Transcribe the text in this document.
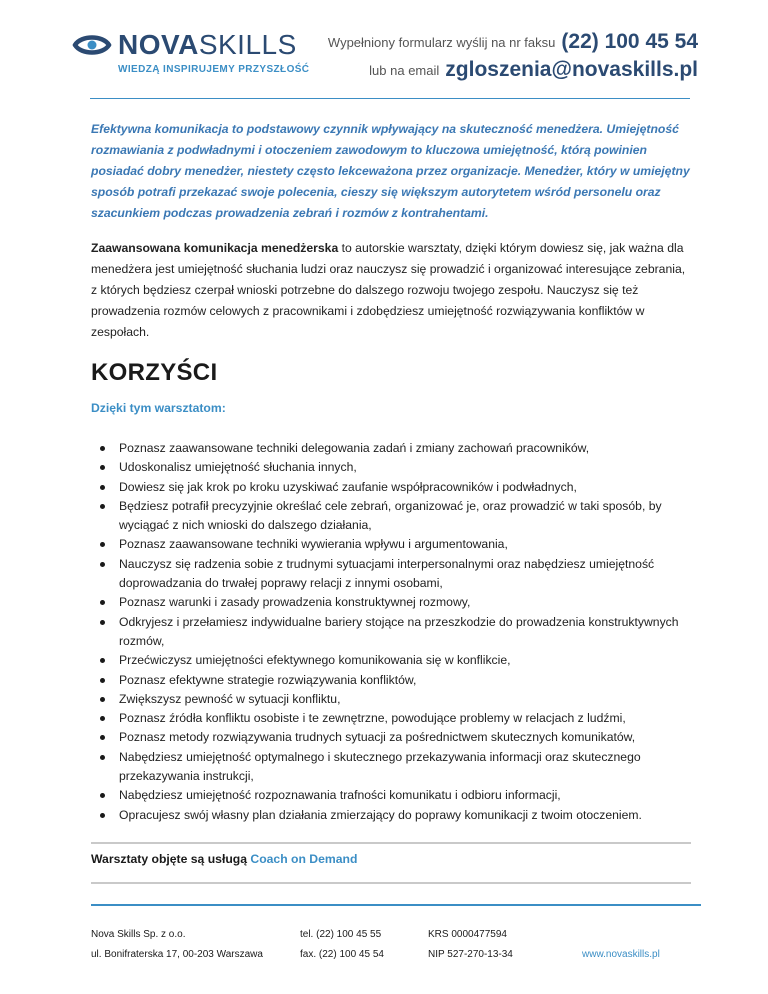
NOVASKILLS
WIEDZĄ INSPIRUJEMY PRZYSZŁOŚĆ
Wypełniony formularz wyślij na nr faksu (22) 100 45 54
lub na email zgloszenia@novaskills.pl

Efektywna komunikacja to podstawowy czynnik wpływający na skuteczność menedżera. Umiejętność rozmawiania z podwładnymi i otoczeniem zawodowym to kluczowa umiejętność, którą powinien posiadać dobry menedżer, niestety często lekceważona przez organizacje. Menedżer, który w umiejętny sposób potrafi przekazać swoje polecenia, cieszy się większym autorytetem wśród personelu oraz szacunkiem podczas prowadzenia zebrań i rozmów z kontrahentami.

Zaawansowana komunikacja menedżerska to autorskie warsztaty, dzięki którym dowiesz się, jak ważna dla menedżera jest umiejętność słuchania ludzi oraz nauczysz się prowadzić i organizować interesujące zebrania, z których będziesz czerpał wnioski potrzebne do dalszego rozwoju twojego zespołu. Nauczysz się też prowadzenia rozmów celowych z pracownikami i zdobędziesz umiejętność rozwiązywania konfliktów w zespołach.

KORZYŚCI

Dzięki tym warsztatom:

Poznasz zaawansowane techniki delegowania zadań i zmiany zachowań pracowników,
Udoskonalisz umiejętność słuchania innych,
Dowiesz się jak krok po kroku uzyskiwać zaufanie współpracowników i podwładnych,
Będziesz potrafił precyzyjnie określać cele zebrań, organizować je, oraz prowadzić w taki sposób, by wyciągać z nich wnioski do dalszego działania,
Poznasz zaawansowane techniki wywierania wpływu i argumentowania,
Nauczysz się radzenia sobie z trudnymi sytuacjami interpersonalnymi oraz nabędziesz umiejętność doprowadzania do trwałej poprawy relacji z innymi osobami,
Poznasz warunki i zasady prowadzenia konstruktywnej rozmowy,
Odkryjesz i przełamiesz indywidualne bariery stojące na przeszkodzie do prowadzenia konstruktywnych rozmów,
Przećwiczysz umiejętności efektywnego komunikowania się w konflikcie,
Poznasz efektywne strategie rozwiązywania konfliktów,
Zwiększysz pewność w sytuacji konfliktu,
Poznasz źródła konfliktu osobiste i te zewnętrzne, powodujące problemy w relacjach z ludźmi,
Poznasz metody rozwiązywania trudnych sytuacji za pośrednictwem skutecznych komunikatów,
Nabędziesz umiejętność optymalnego i skutecznego przekazywania informacji oraz skutecznego przekazywania instrukcji,
Nabędziesz umiejętność rozpoznawania trafności komunikatu i odbioru informacji,
Opracujesz swój własny plan działania zmierzający do poprawy komunikacji z twoim otoczeniem.
Warsztaty objęte są usługą Coach on Demand
Nova Skills Sp. z o.o.
ul. Bonifraterska 17, 00-203 Warszawa
tel. (22) 100 45 55
fax. (22) 100 45 54
KRS 0000477594
NIP 527-270-13-34	www.novaskills.pl
